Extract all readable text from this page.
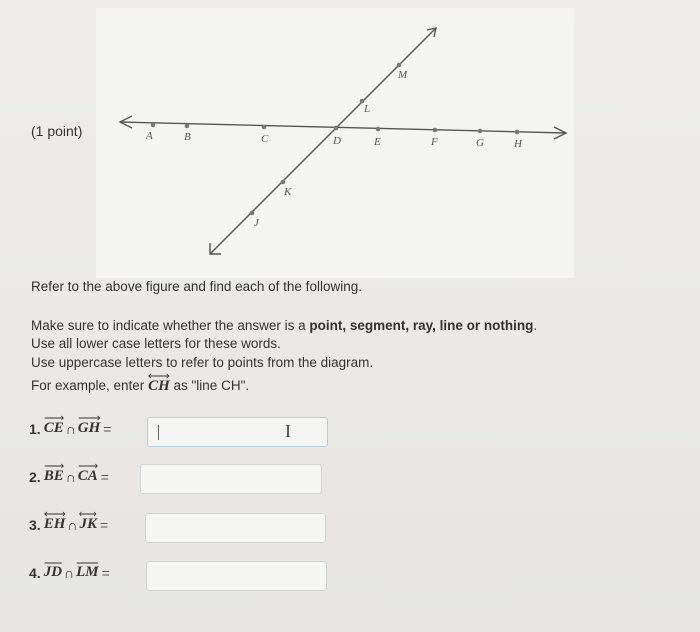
(1 point)	A	B	C	D	E	F	G	H
J
K
L
M
Refer to the above figure and find each of the following.
Make sure to indicate whether the answer is a point, segment, ray, line or nothing.
Use all lower case letters for these words.
Use uppercase letters to refer to points from the diagram.
For example, enter
CH as "line CH".
1. CE ∩ GH =	I
2. BE ∩ CA =
3. EH ∩ JK =
4. JD ∩ LM =
